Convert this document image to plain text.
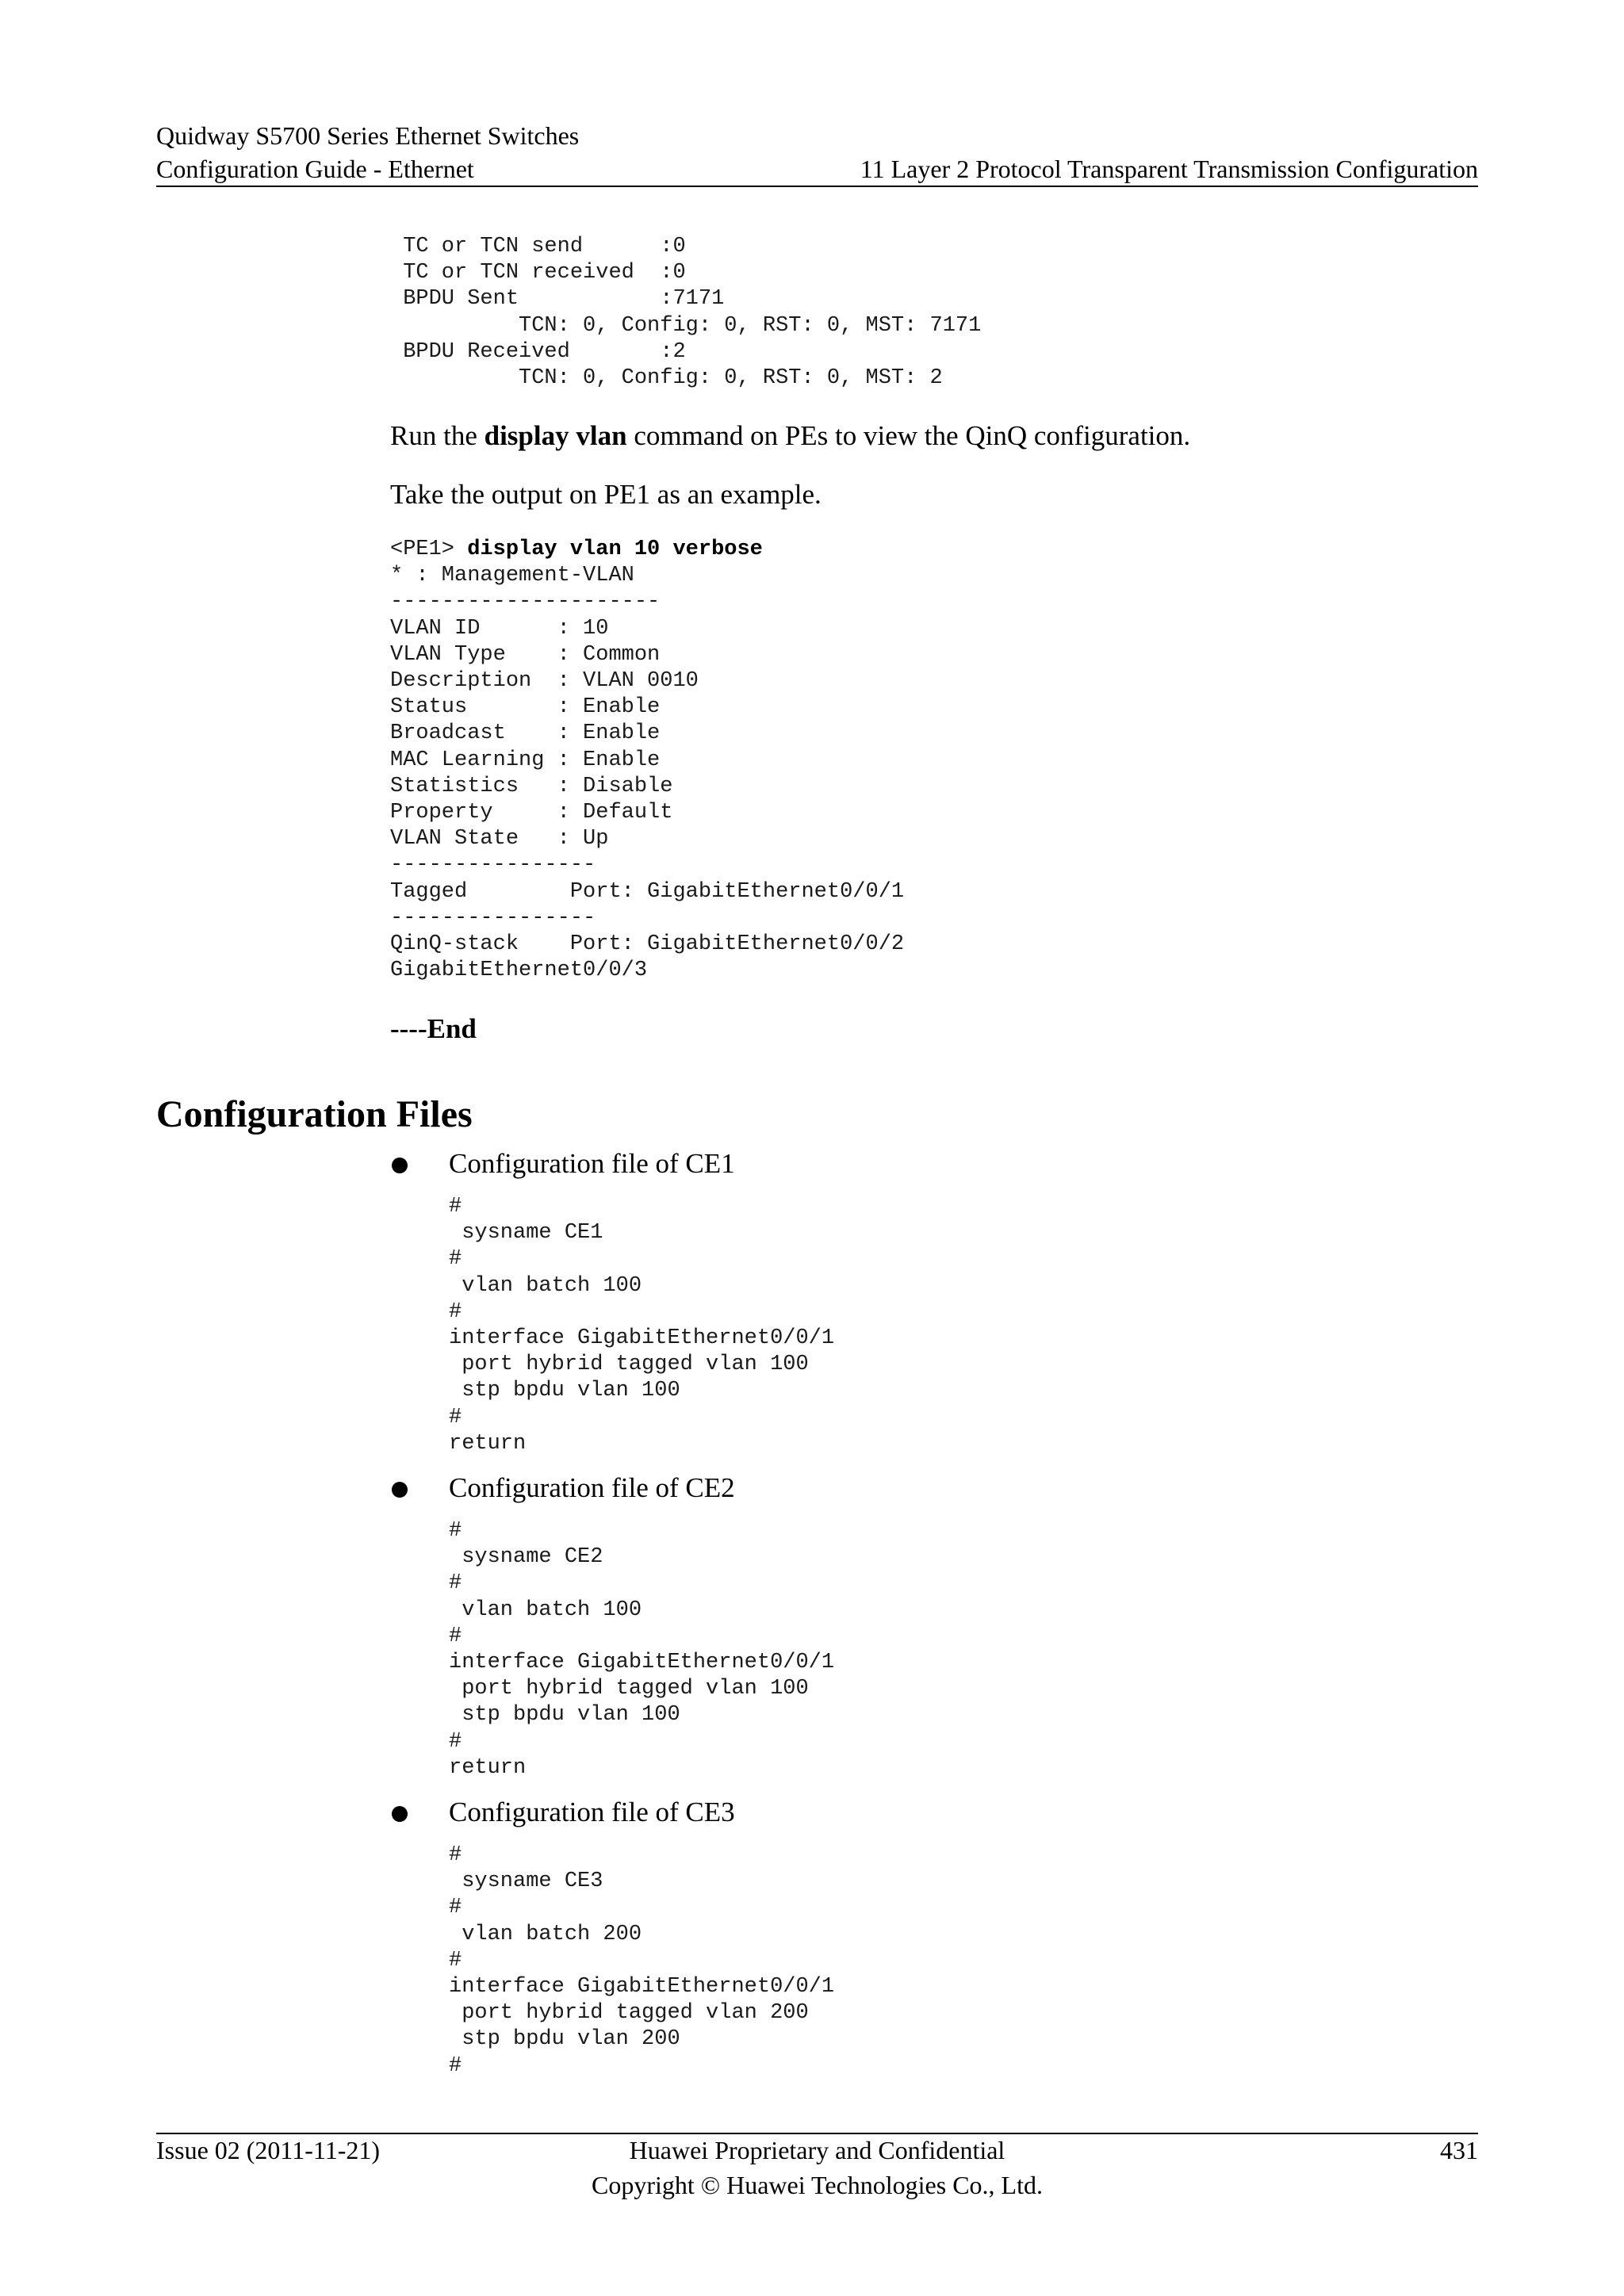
Quidway S5700 Series Ethernet Switches
Configuration Guide - Ethernet	11 Layer 2 Protocol Transparent Transmission Configuration
TC or TCN send      :0
TC or TCN received  :0
BPDU Sent           :7171
TCN: 0, Config: 0, RST: 0, MST: 7171
BPDU Received       :2
TCN: 0, Config: 0, RST: 0, MST: 2
Run the display vlan command on PEs to view the QinQ configuration.
Take the output on PE1 as an example.
<PE1> display vlan 10 verbose
* : Management-VLAN
---------------------
VLAN ID      : 10
VLAN Type    : Common
Description  : VLAN 0010
Status       : Enable
Broadcast    : Enable
MAC Learning : Enable
Statistics   : Disable
Property     : Default
VLAN State   : Up
----------------
Tagged        Port: GigabitEthernet0/0/1
----------------
QinQ-stack    Port: GigabitEthernet0/0/2
GigabitEthernet0/0/3
----End
Configuration Files
Configuration file of CE1
#
sysname CE1
#
vlan batch 100
#
interface GigabitEthernet0/0/1
port hybrid tagged vlan 100
stp bpdu vlan 100
#
return
Configuration file of CE2
#
sysname CE2
#
vlan batch 100
#
interface GigabitEthernet0/0/1
port hybrid tagged vlan 100
stp bpdu vlan 100
#
return
Configuration file of CE3
#
sysname CE3
#
vlan batch 200
#
interface GigabitEthernet0/0/1
port hybrid tagged vlan 200
stp bpdu vlan 200
#
Issue 02 (2011-11-21)	Huawei Proprietary and Confidential
Copyright © Huawei Technologies Co., Ltd.
431
